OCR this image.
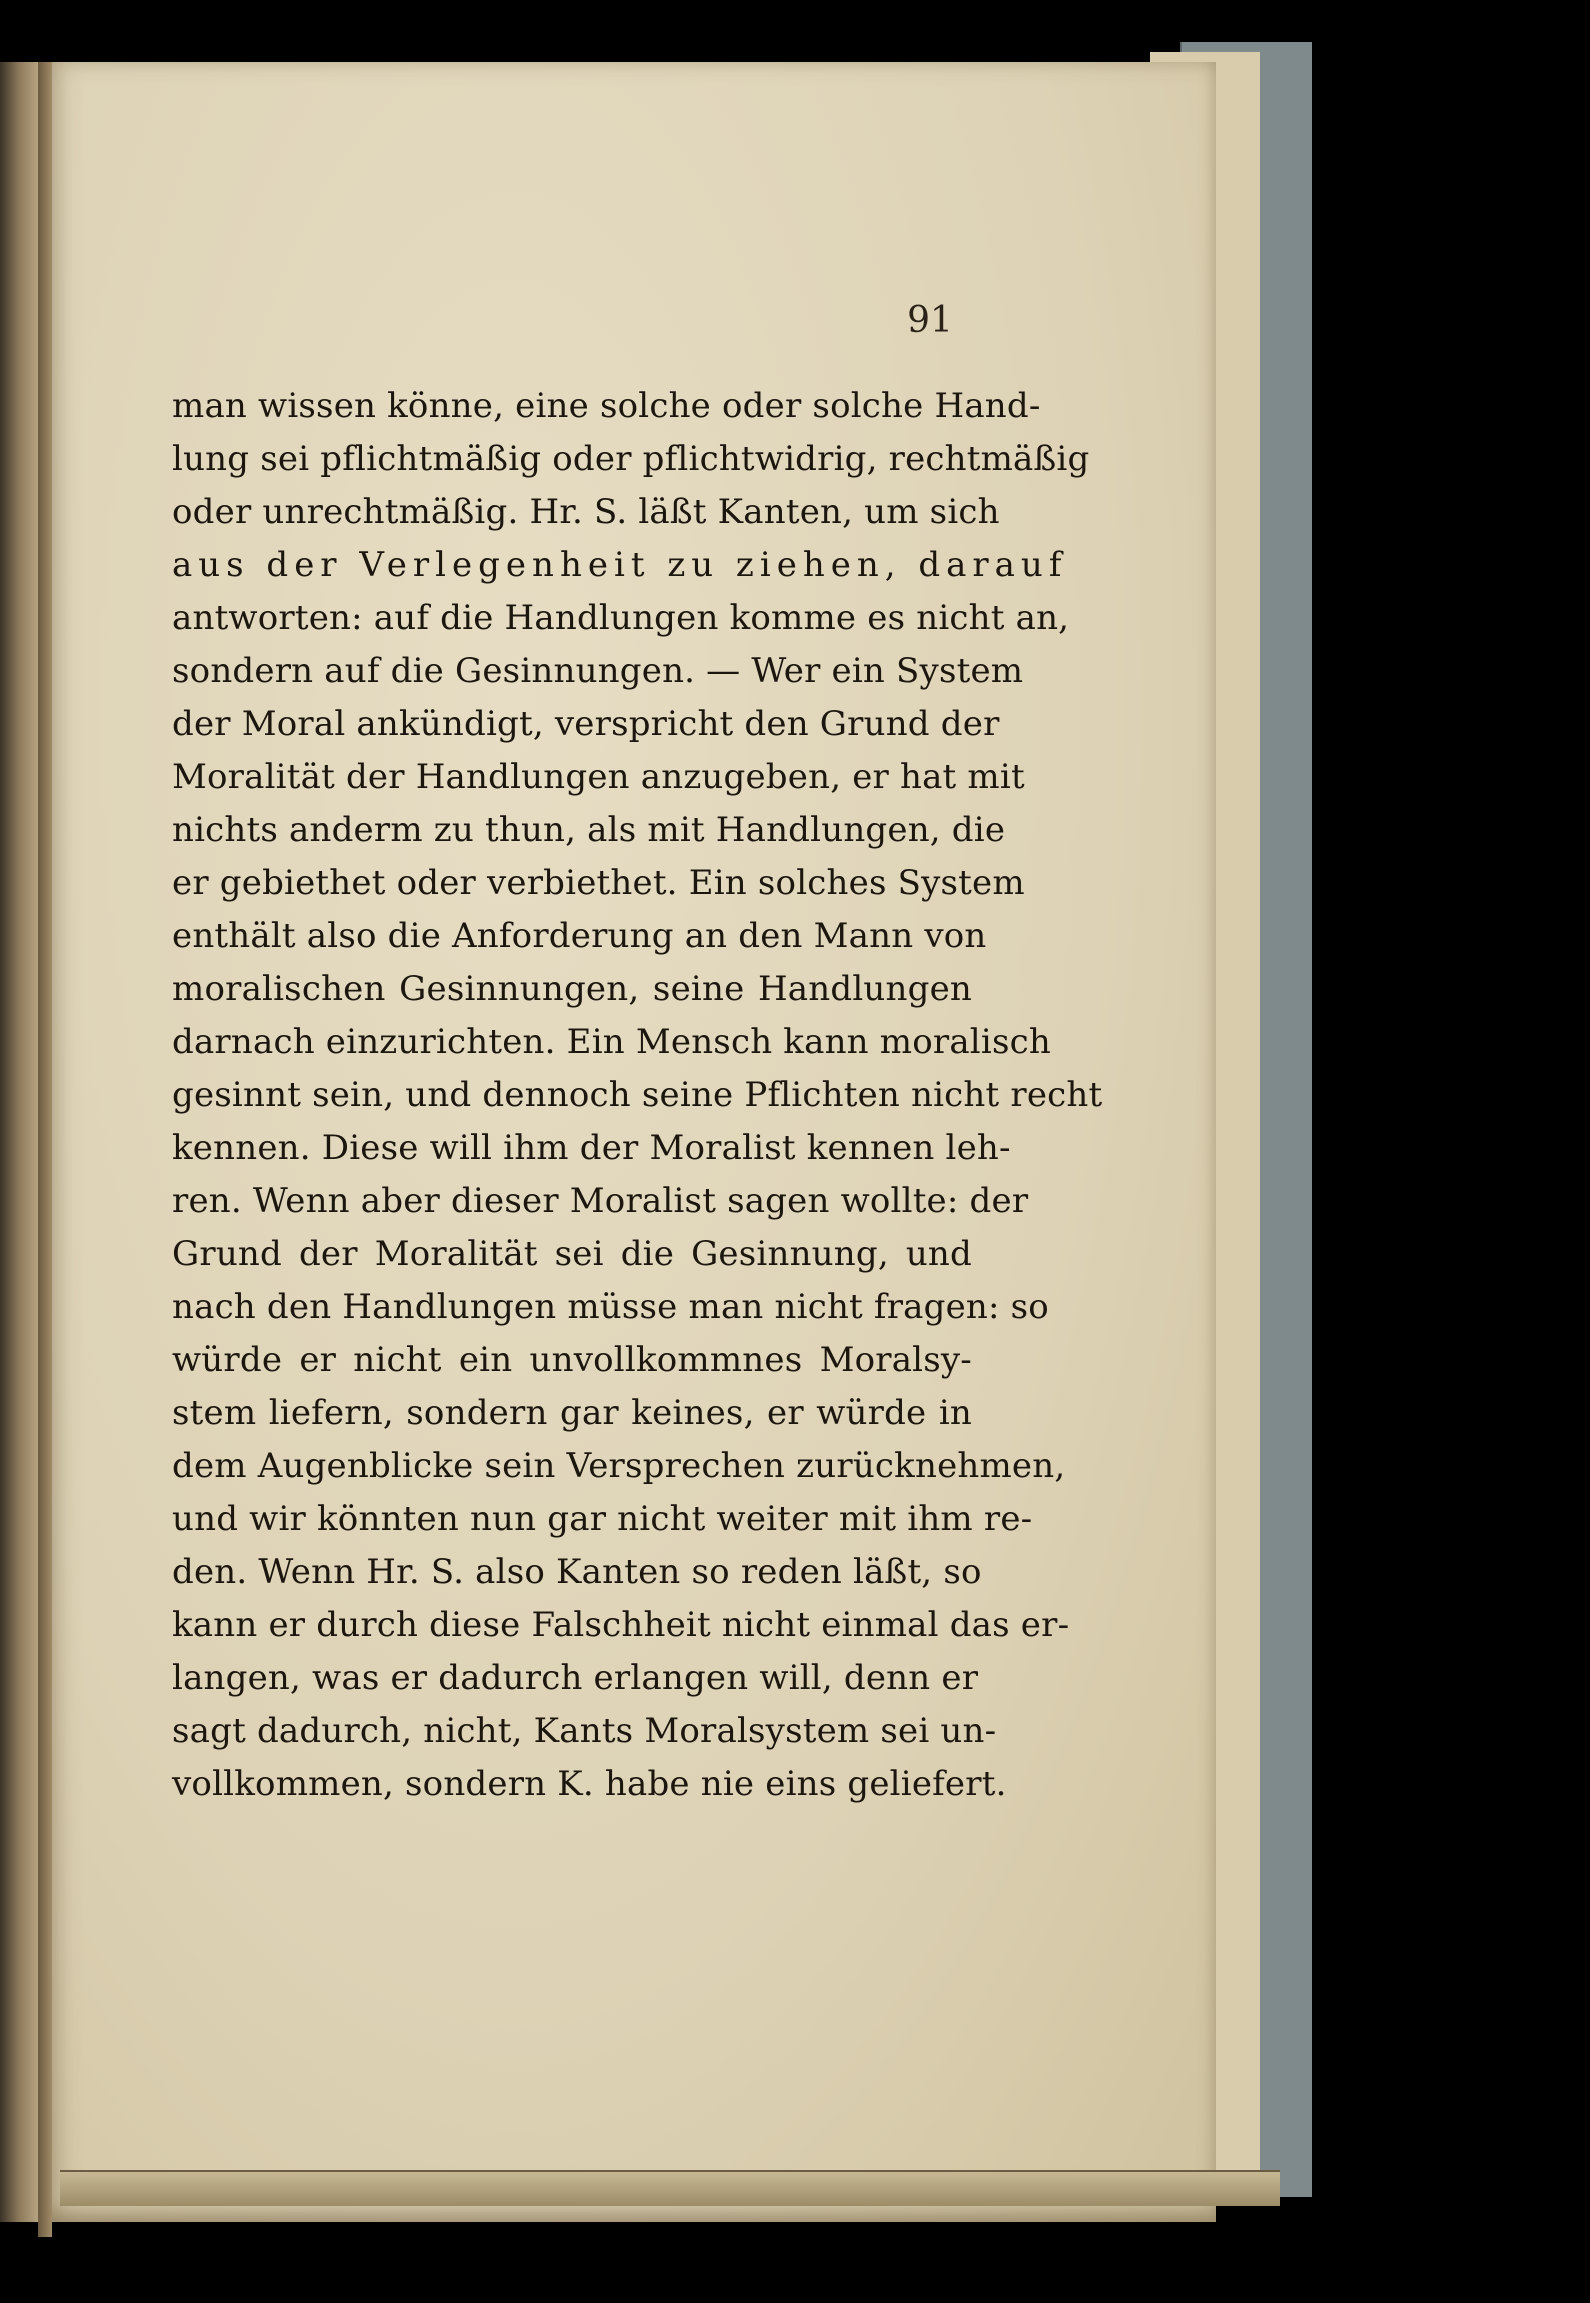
91
man wissen könne, eine solche oder solche Hand-
lung sei pflichtmäßig oder pflichtwidrig, rechtmäßig
oder unrechtmäßig. Hr. S. läßt Kanten, um sich
aus der Verlegenheit zu ziehen, darauf
antworten: auf die Handlungen komme es nicht an,
sondern auf die Gesinnungen. — Wer ein System
der Moral ankündigt, verspricht den Grund der
Moralität der Handlungen anzugeben, er hat mit
nichts anderm zu thun, als mit Handlungen, die
er gebiethet oder verbiethet. Ein solches System
enthält also die Anforderung an den Mann von
moralischen Gesinnungen, seine Handlungen
darnach einzurichten. Ein Mensch kann moralisch
gesinnt sein, und dennoch seine Pflichten nicht recht
kennen. Diese will ihm der Moralist kennen leh-
ren. Wenn aber dieser Moralist sagen wollte: der
Grund der Moralität sei die Gesinnung, und
nach den Handlungen müsse man nicht fragen: so
würde er nicht ein unvollkommnes Moralsy-
stem liefern, sondern gar keines, er würde in
dem Augenblicke sein Versprechen zurücknehmen,
und wir könnten nun gar nicht weiter mit ihm re-
den. Wenn Hr. S. also Kanten so reden läßt, so
kann er durch diese Falschheit nicht einmal das er-
langen, was er dadurch erlangen will, denn er
sagt dadurch, nicht, Kants Moralsystem sei un-
vollkommen, sondern K. habe nie eins geliefert.
